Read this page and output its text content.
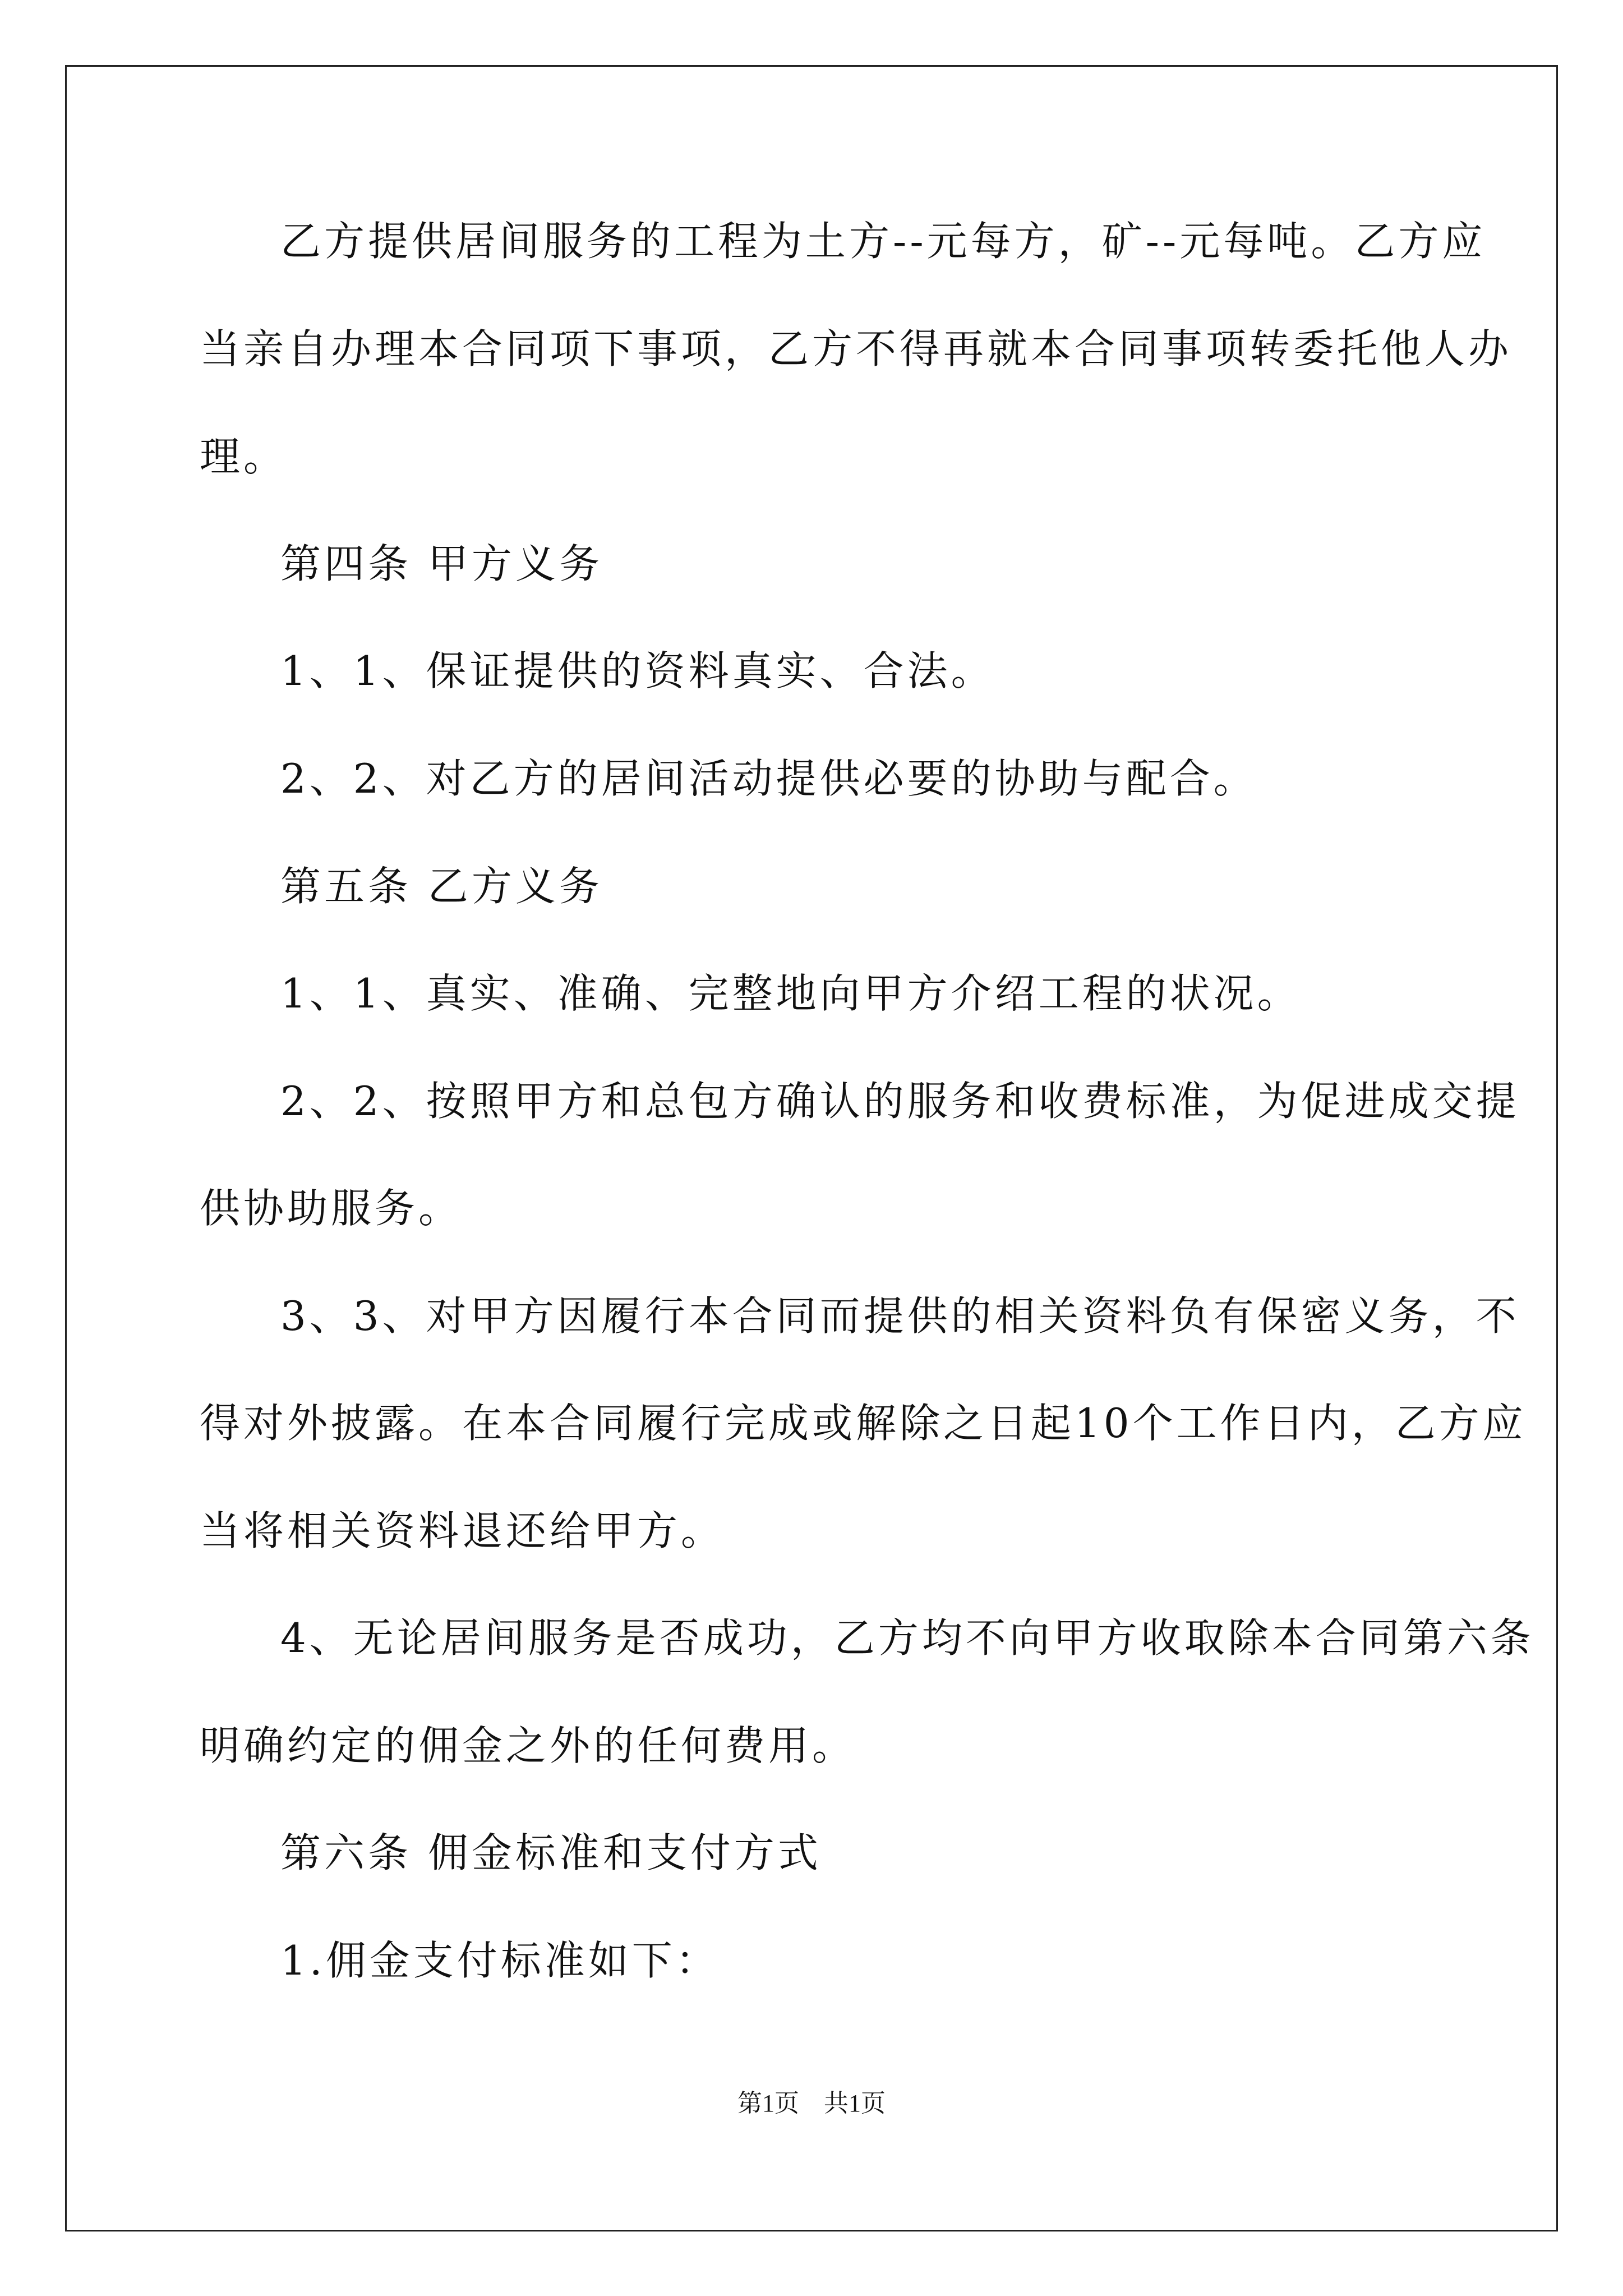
乙方提供居间服务的工程为土方--元每方，矿--元每吨。乙方应
当亲自办理本合同项下事项，乙方不得再就本合同事项转委托他人办
理。
第四条 甲方义务
1、1、保证提供的资料真实、合法。
2、2、对乙方的居间活动提供必要的协助与配合。
第五条 乙方义务
1、1、真实、准确、完整地向甲方介绍工程的状况。
2、2、按照甲方和总包方确认的服务和收费标准，为促进成交提
供协助服务。
3、3、对甲方因履行本合同而提供的相关资料负有保密义务，不
得对外披露。在本合同履行完成或解除之日起10个工作日内，乙方应
当将相关资料退还给甲方。
4、无论居间服务是否成功，乙方均不向甲方收取除本合同第六条
明确约定的佣金之外的任何费用。
第六条 佣金标准和支付方式
1.佣金支付标准如下：
第1页　共1页
